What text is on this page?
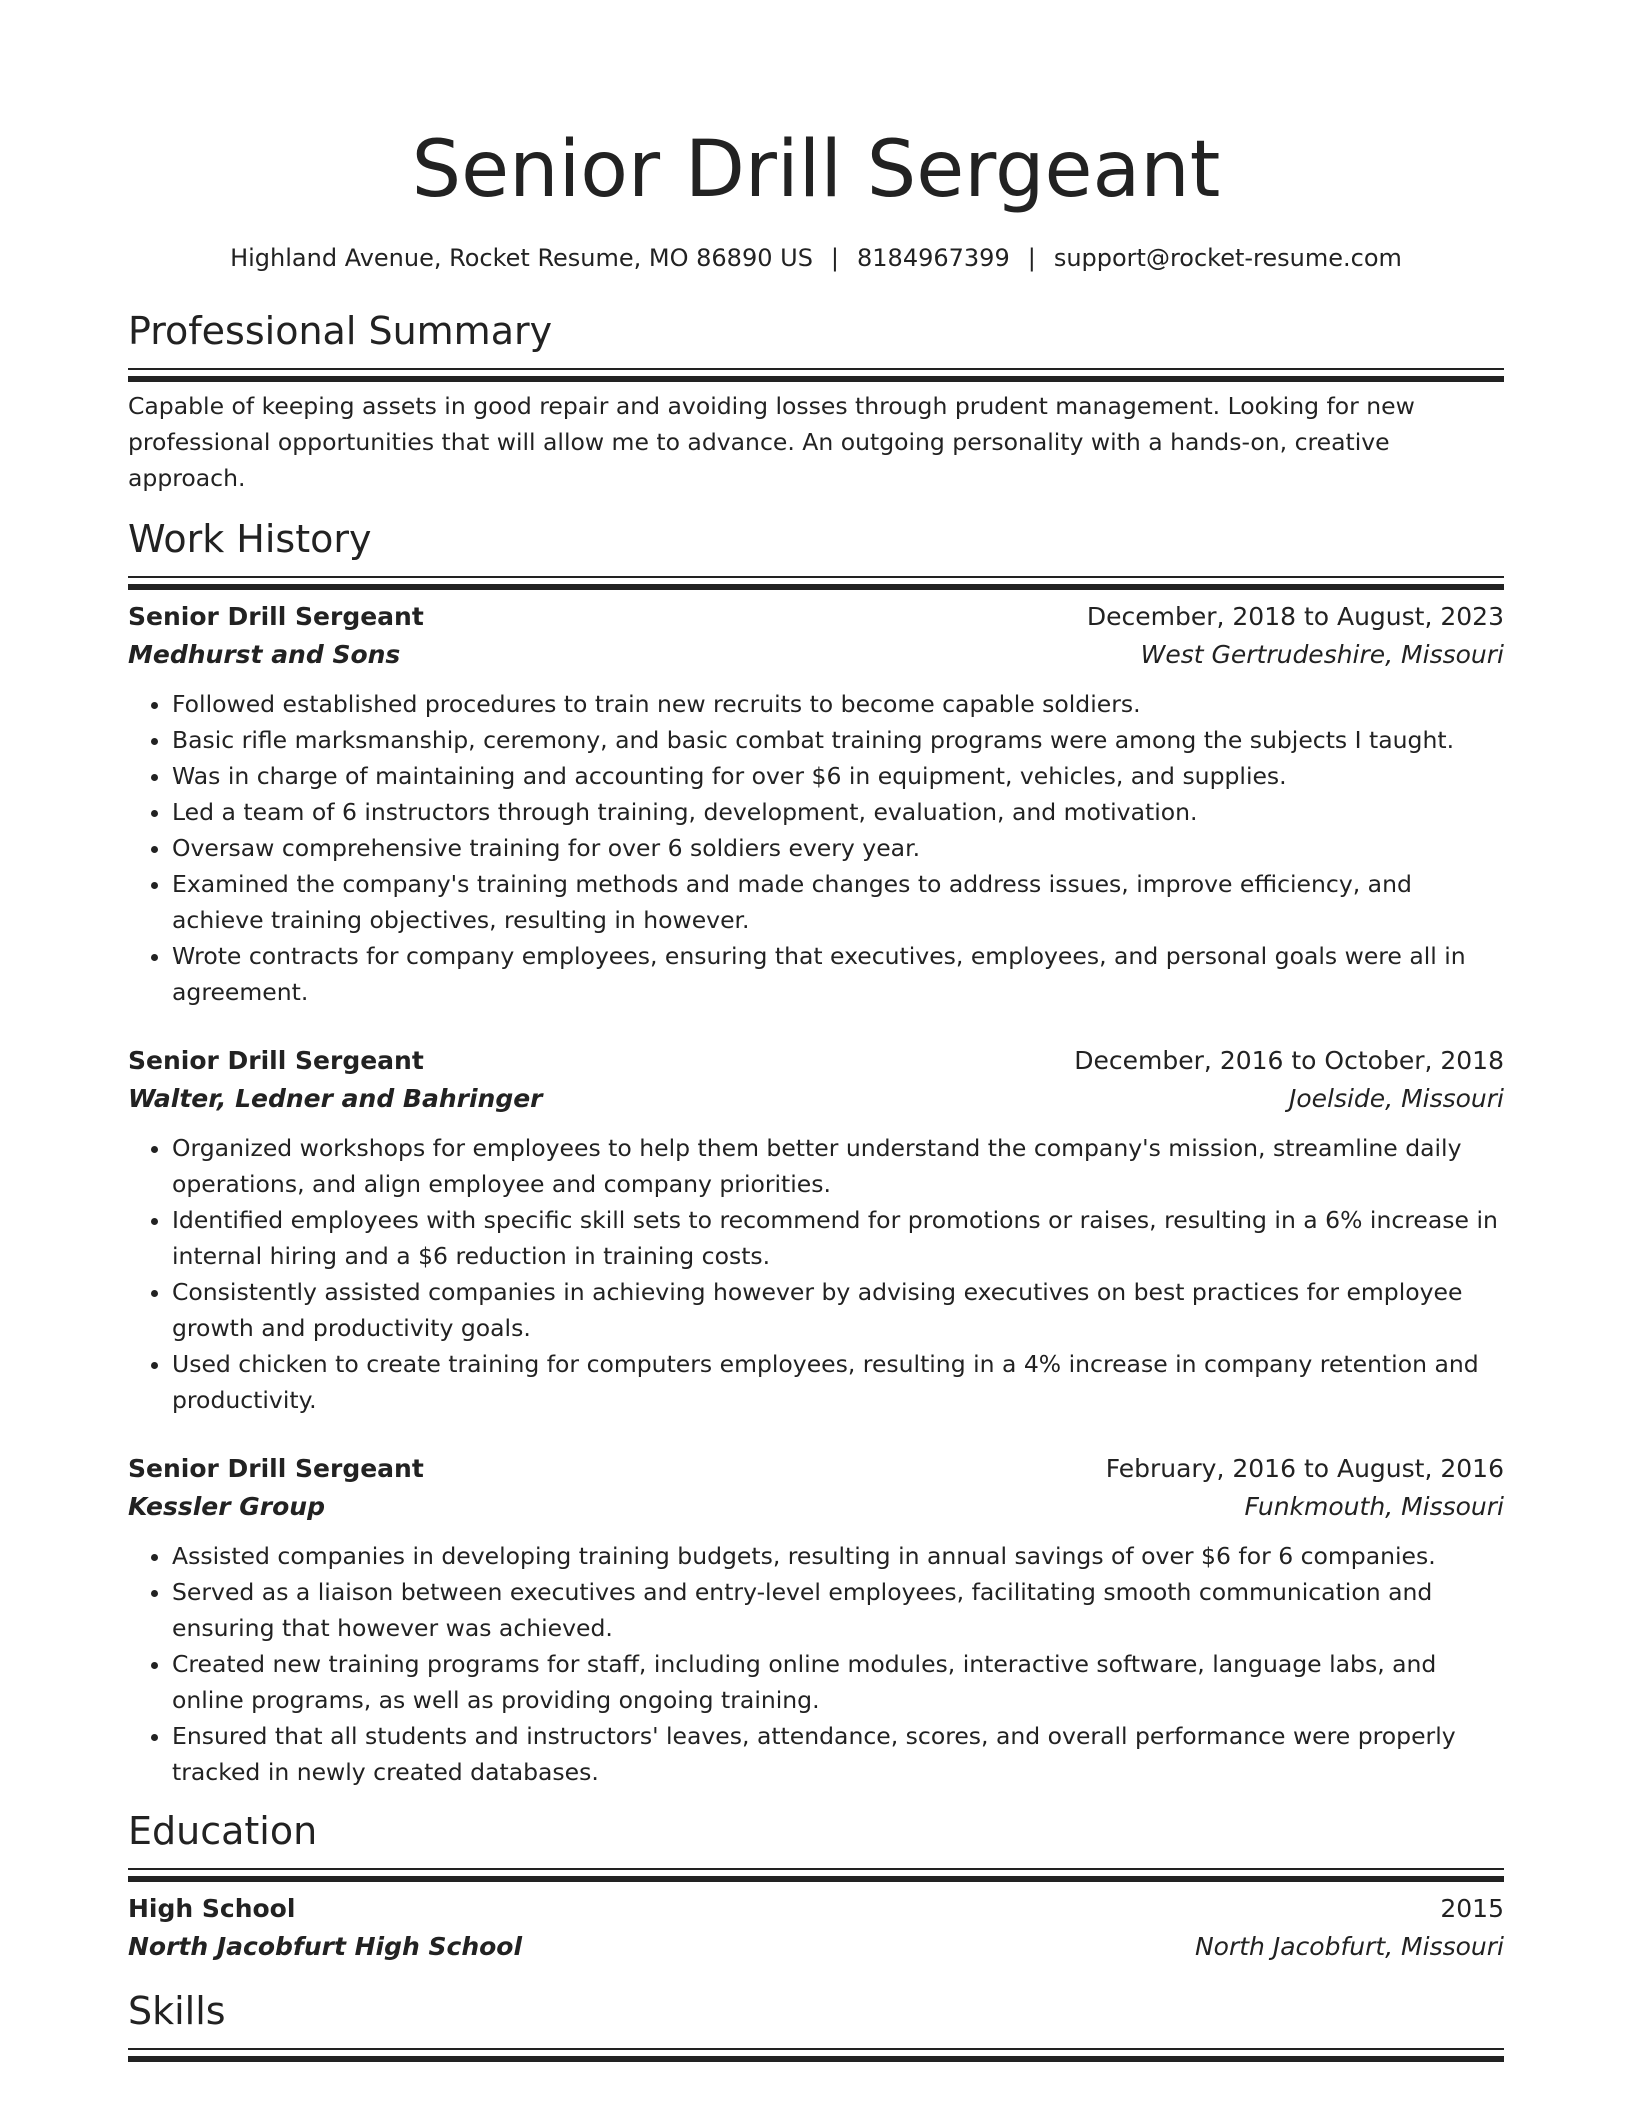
Senior Drill Sergeant
Highland Avenue, Rocket Resume, MO 86890 US | 8184967399 | support@rocket-resume.com
Professional Summary

Capable of keeping assets in good repair and avoiding losses through prudent management. Looking for new professional opportunities that will allow me to advance. An outgoing personality with a hands-on, creative approach.

Work History
Senior Drill Sergeant	December, 2018 to August, 2023
Medhurst and Sons	West Gertrudeshire, Missouri
• Followed established procedures to train new recruits to become capable soldiers.
• Basic rifle marksmanship, ceremony, and basic combat training programs were among the subjects I taught.
• Was in charge of maintaining and accounting for over $6 in equipment, vehicles, and supplies.
• Led a team of 6 instructors through training, development, evaluation, and motivation.
• Oversaw comprehensive training for over 6 soldiers every year.
• Examined the company's training methods and made changes to address issues, improve efficiency, and achieve training objectives, resulting in however.
• Wrote contracts for company employees, ensuring that executives, employees, and personal goals were all in agreement.
Senior Drill Sergeant	December, 2016 to October, 2018
Walter, Ledner and Bahringer	Joelside, Missouri
• Organized workshops for employees to help them better understand the company's mission, streamline daily operations, and align employee and company priorities.
• Identified employees with specific skill sets to recommend for promotions or raises, resulting in a 6% increase in internal hiring and a $6 reduction in training costs.
• Consistently assisted companies in achieving however by advising executives on best practices for employee growth and productivity goals.
• Used chicken to create training for computers employees, resulting in a 4% increase in company retention and productivity.
Senior Drill Sergeant	February, 2016 to August, 2016
Kessler Group	Funkmouth, Missouri
• Assisted companies in developing training budgets, resulting in annual savings of over $6 for 6 companies.
• Served as a liaison between executives and entry-level employees, facilitating smooth communication and ensuring that however was achieved.
• Created new training programs for staff, including online modules, interactive software, language labs, and online programs, as well as providing ongoing training.
• Ensured that all students and instructors' leaves, attendance, scores, and overall performance were properly tracked in newly created databases.
Education
High School	2015
North Jacobfurt High School	North Jacobfurt, Missouri
Skills
